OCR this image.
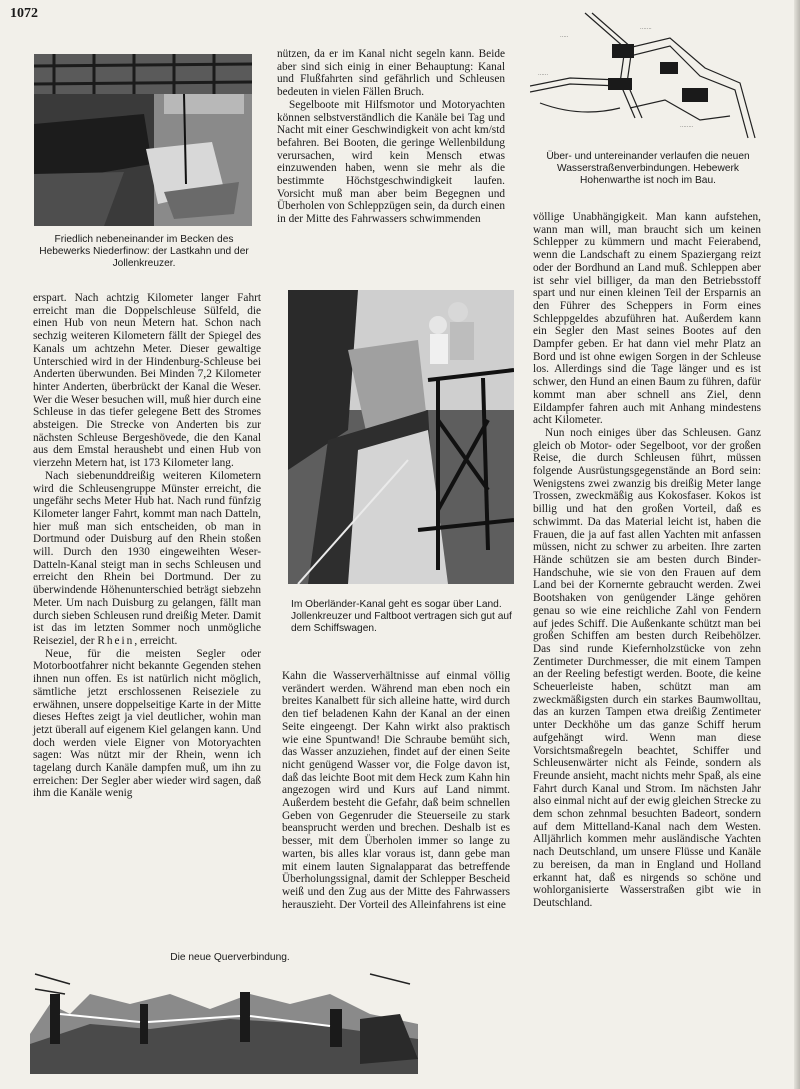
1072
Friedlich nebeneinander im Becken des Hebewerks Niederfinow: der Lastkahn und der Jollenkreuzer.

nützen, da er im Kanal nicht segeln kann. Beide aber sind sich einig in einer Behauptung: Kanal und Flußfahrten sind gefährlich und Schleusen bedeuten in vielen Fällen Bruch.

Segelboote mit Hilfsmotor und Motoryachten können selbstverständlich die Kanäle bei Tag und Nacht mit einer Geschwindigkeit von acht km/std befahren. Bei Booten, die geringe Wellenbildung verursachen, wird kein Mensch etwas einzuwenden haben, wenn sie mehr als die bestimmte Höchstgeschwindigkeit laufen. Vorsicht muß man aber beim Begegnen und Überholen von Schleppzügen sein, da durch einen in der Mitte des Fahrwassers schwimmenden

·····
·······
······
········
Über- und untereinander verlaufen die neuen Wasserstraßenverbindungen. Hebewerk Hohenwarthe ist noch im Bau.

völlige Unabhängigkeit. Man kann aufstehen, wann man will, man braucht sich um keinen Schlepper zu kümmern und macht Feierabend, wenn die Landschaft zu einem Spaziergang reizt oder der Bordhund an Land muß. Schleppen aber ist sehr viel billiger, da man den Betriebsstoff spart und nur einen kleinen Teil der Ersparnis an den Führer des Scheppers in Form eines Schleppgeldes abzuführen hat. Außerdem kann ein Segler den Mast seines Bootes auf den Dampfer geben. Er hat dann viel mehr Platz an Bord und ist ohne ewigen Sorgen in der Schleuse los. Allerdings sind die Tage länger und es ist schwer, den Hund an einen Baum zu führen, dafür kommt man aber schnell ans Ziel, denn Eildampfer fahren auch mit Anhang mindestens acht Kilometer.

Nun noch einiges über das Schleusen. Ganz gleich ob Motor- oder Segelboot, vor der großen Reise, die durch Schleusen führt, müssen folgende Ausrüstungsgegenstände an Bord sein: Wenigstens zwei zwanzig bis dreißig Meter lange Trossen, zweckmäßig aus Kokosfaser. Kokos ist billig und hat den großen Vorteil, daß es schwimmt. Da das Material leicht ist, haben die Frauen, die ja auf fast allen Yachten mit anfassen müssen, nicht zu schwer zu arbeiten. Ihre zarten Hände schützen sie am besten durch Binder-Handschuhe, wie sie von den Frauen auf dem Land bei der Kornernte gebraucht werden. Zwei Bootshaken von genügender Länge gehören genau so wie eine reichliche Zahl von Fendern auf jedes Schiff. Die Außenkante schützt man bei großen Schiffen am besten durch Reibehölzer. Das sind runde Kiefernholzstücke von zehn Zentimeter Durchmesser, die mit einem Tampen an der Reeling befestigt werden. Boote, die keine Scheuerleiste haben, schützt man am zweckmäßigsten durch ein starkes Baumwolltau, das an kurzen Tampen etwa dreißig Zentimeter unter Deckhöhe um das ganze Schiff herum aufgehängt wird. Wenn man diese Vorsichtsmaßregeln beachtet, Schiffer und Schleusenwärter nicht als Feinde, sondern als Freunde ansieht, macht nichts mehr Spaß, als eine Fahrt durch Kanal und Strom. Im nächsten Jahr also einmal nicht auf der ewig gleichen Strecke zu dem schon zehnmal besuchten Badeort, sondern auf dem Mittelland-Kanal nach dem Westen. Alljährlich kommen mehr ausländische Yachten nach Deutschland, um unsere Flüsse und Kanäle zu bereisen, da man in England und Holland erkannt hat, daß es nirgends so schöne und wohlorganisierte Wasserstraßen gibt wie in Deutschland.

Im Oberländer-Kanal geht es sogar über Land. Jollenkreuzer und Faltboot vertragen sich gut auf dem Schiffswagen.

erspart. Nach achtzig Kilometer langer Fahrt erreicht man die Doppelschleuse Sülfeld, die einen Hub von neun Metern hat. Schon nach sechzig weiteren Kilometern fällt der Spiegel des Kanals um achtzehn Meter. Dieser gewaltige Unterschied wird in der Hindenburg-Schleuse bei Anderten überwunden. Bei Minden 7,2 Kilometer hinter Anderten, überbrückt der Kanal die Weser. Wer die Weser besuchen will, muß hier durch eine Schleuse in das tiefer gelegene Bett des Stromes absteigen. Die Strecke von Anderten bis zur nächsten Schleuse Bergeshövede, die den Kanal aus dem Emstal heraushebt und einen Hub von vierzehn Metern hat, ist 173 Kilometer lang.

Nach siebenunddreißig weiteren Kilometern wird die Schleusengruppe Münster erreicht, die ungefähr sechs Meter Hub hat. Nach rund fünfzig Kilometer langer Fahrt, kommt man nach Datteln, hier muß man sich entscheiden, ob man in Dortmund oder Duisburg auf den Rhein stoßen will. Durch den 1930 eingeweihten Weser-Datteln-Kanal steigt man in sechs Schleusen und erreicht den Rhein bei Dortmund. Der zu überwindende Höhenunterschied beträgt siebzehn Meter. Um nach Duisburg zu gelangen, fällt man durch sieben Schleusen rund dreißig Meter. Damit ist das im letzten Sommer noch unmögliche Reiseziel, der Rhein, erreicht.

Neue, für die meisten Segler oder Motorbootfahrer nicht bekannte Gegenden stehen ihnen nun offen. Es ist natürlich nicht möglich, sämtliche jetzt erschlossenen Reiseziele zu erwähnen, unsere doppelseitige Karte in der Mitte dieses Heftes zeigt ja viel deutlicher, wohin man jetzt überall auf eigenem Kiel gelangen kann. Und doch werden viele Eigner von Motoryachten sagen: Was nützt mir der Rhein, wenn ich tagelang durch Kanäle dampfen muß, um ihn zu erreichen: Der Segler aber wieder wird sagen, daß ihm die Kanäle wenig

Kahn die Wasserverhältnisse auf einmal völlig verändert werden. Während man eben noch ein breites Kanalbett für sich alleine hatte, wird durch den tief beladenen Kahn der Kanal an der einen Seite eingeengt. Der Kahn wirkt also praktisch wie eine Spuntwand! Die Schraube bemüht sich, das Wasser anzuziehen, findet auf der einen Seite nicht genügend Wasser vor, die Folge davon ist, daß das leichte Boot mit dem Heck zum Kahn hin angezogen wird und Kurs auf Land nimmt. Außerdem besteht die Gefahr, daß beim schnellen Geben von Gegenruder die Steuerseile zu stark beansprucht werden und brechen. Deshalb ist es besser, mit dem Überholen immer so lange zu warten, bis alles klar voraus ist, dann gebe man mit einem lauten Signalapparat das betreffende Überholungssignal, damit der Schlepper Bescheid weiß und den Zug aus der Mitte des Fahrwassers herauszieht. Der Vorteil des Alleinfahrens ist eine

Die neue Querverbindung.
